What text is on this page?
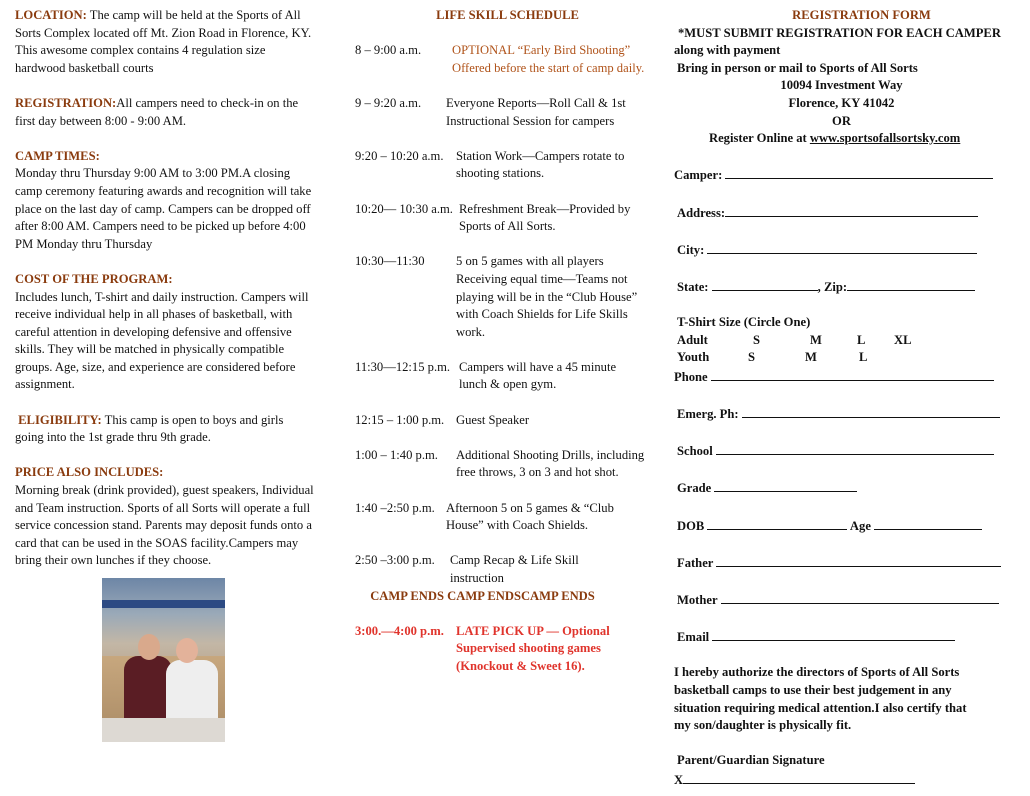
LOCATION: The camp will be held at the Sports of All Sorts Complex located off Mt. Zion Road in Florence, KY. This awesome complex contains 4 regulation size hardwood basketball courts

REGISTRATION:All campers need to check-in on the first day between 8:00 - 9:00 AM.

CAMP TIMES:

Monday thru Thursday 9:00 AM to 3:00 PM.A closing camp ceremony featuring awards and recognition will take place on the last day of camp. Campers can be dropped off after 8:00 AM. Campers need to be picked up before 4:00 PM Monday thru Thursday

COST OF THE PROGRAM:

Includes lunch, T-shirt and daily instruction. Campers will receive individual help in all phases of basketball, with careful attention in developing defensive and offensive skills. They will be matched in physically compatible groups. Age, size, and experience are considered before assignment.

ELIGIBILITY: This camp is open to boys and girls going into the 1st grade thru 9th grade.

PRICE ALSO INCLUDES:

Morning break (drink provided), guest speakers, Individual and Team instruction. Sports of all Sorts will operate a full service concession stand. Parents may deposit funds onto a card that can be used in the SOAS facility.Campers may bring their own lunches if they choose.

LIFE SKILL SCHEDULE
8 – 9:00 a.m.	OPTIONAL “Early Bird Shooting” Offered before the start of camp daily.
9 – 9:20 a.m.	Everyone Reports—Roll Call & 1st Instructional Session for campers
9:20 – 10:20 a.m. Station Work—Campers rotate to shooting stations.
10:20— 10:30 a.m. Refreshment Break—Provided by Sports of All Sorts.
10:30—11:30	5 on 5 games with all players Receiving equal time—Teams not playing will be in the “Club House” with Coach Shields for Life Skills work.
11:30—12:15 p.m. Campers will have a 45 minute lunch & open gym.
12:15 – 1:00 p.m. Guest Speaker
1:00 – 1:40 p.m.	Additional Shooting Drills, including free throws, 3 on 3 and hot shot.
1:40 –2:50 p.m. Afternoon 5 on 5 games & “Club House” with Coach Shields.
2:50 –3:00 p.m.	Camp Recap & Life Skill instruction
CAMP ENDS CAMP ENDSCAMP ENDS
3:00.—4:00 p.m. LATE PICK UP — Optional Supervised shooting games (Knockout & Sweet 16).
REGISTRATION FORM
*MUST SUBMIT REGISTRATION FOR EACH CAMPER
along with payment
Bring in person or mail to Sports of All Sorts
10094 Investment Way
Florence, KY 41042
OR
Register Online at www.sportsofallsortsky.com
Camper:
Address:
City:
State:	, Zip:
T-Shirt Size (Circle One)
Adult	S	M	L XL
Youth	S	M	L
Phone
Emerg. Ph:
School
Grade
DOB	Age
Father
Mother
Email
I hereby authorize the directors of Sports of All Sorts basketball camps to use their best judgement in any situation requiring medical attention.I also certify that my son/daughter is physically fit.
Parent/Guardian Signature
X
